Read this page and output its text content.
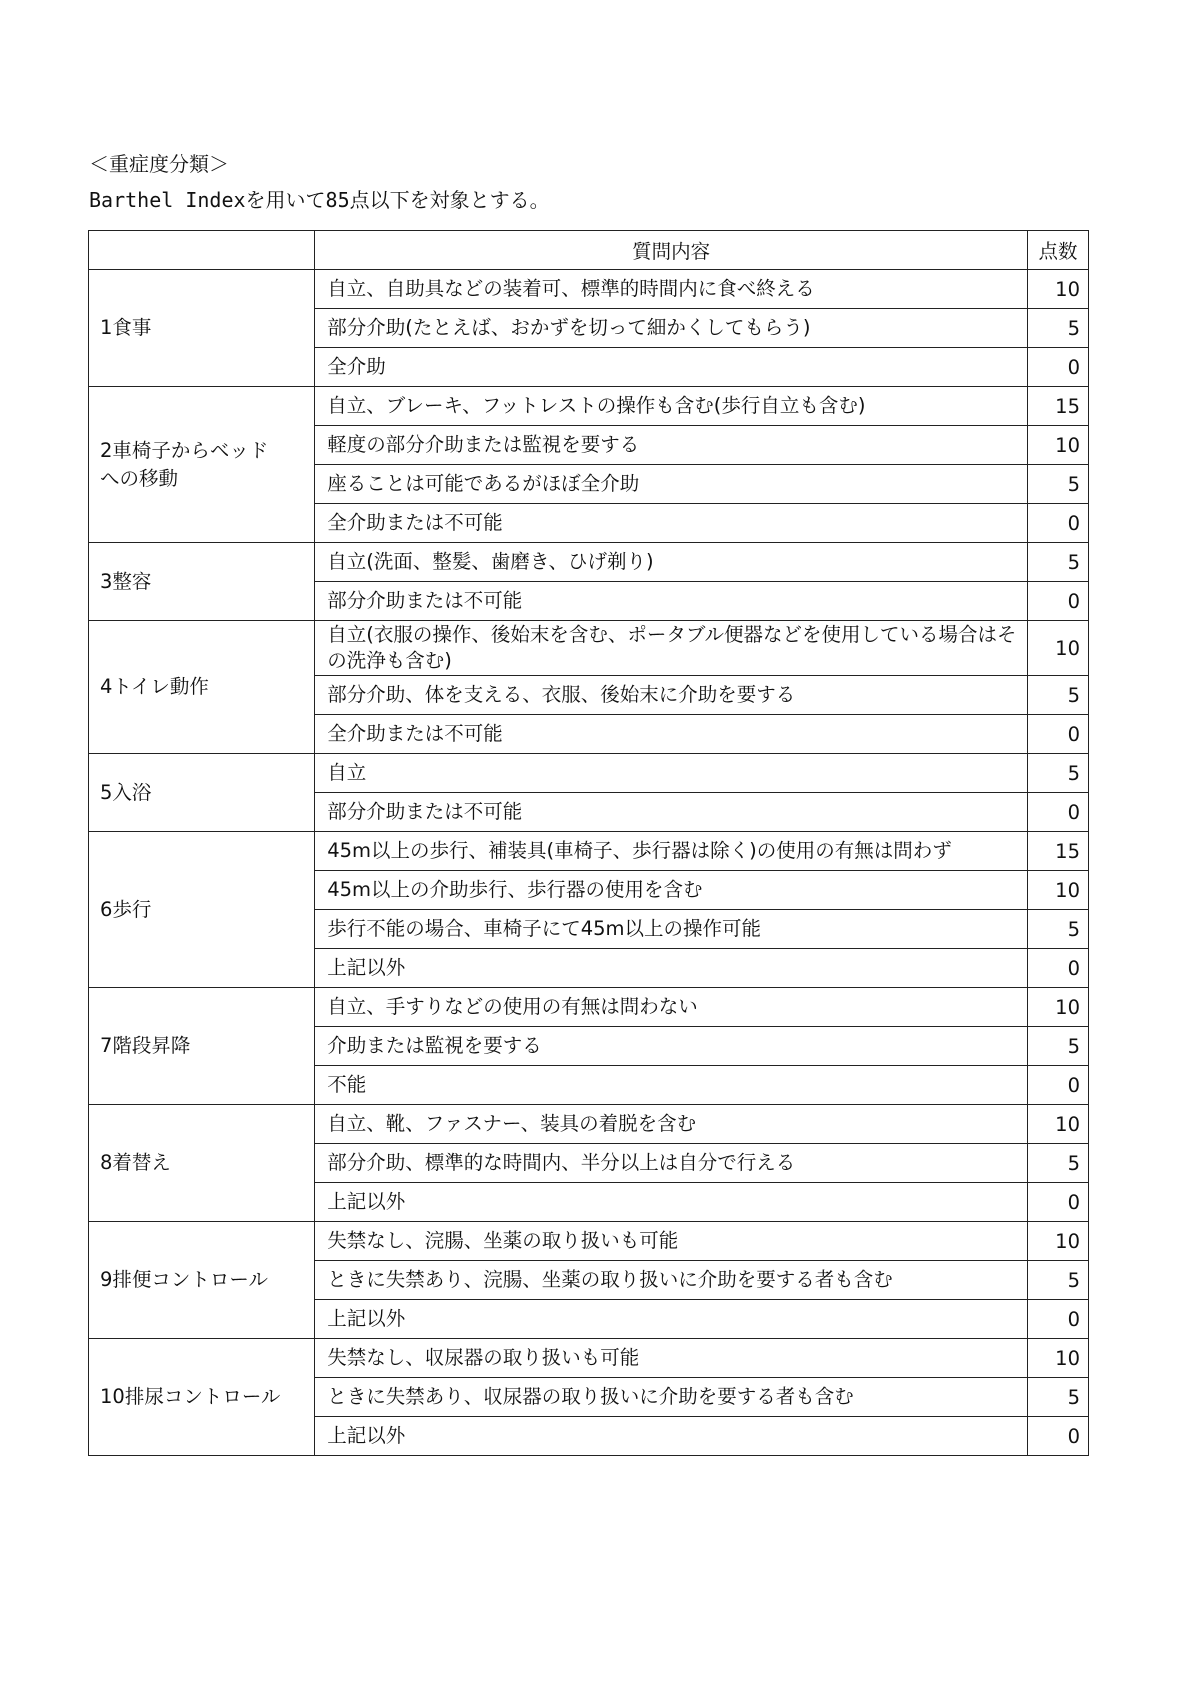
＜重症度分類＞
Barthel Indexを用いて85点以下を対象とする。
	質問内容	点数
1食事	自立、自助具などの装着可、標準的時間内に食べ終える	10
	部分介助(たとえば、おかずを切って細かくしてもらう)	5
	全介助	0
2車椅子からベッド
への移動	自立、ブレーキ、フットレストの操作も含む(歩行自立も含む)	15
	軽度の部分介助または監視を要する	10
	座ることは可能であるがほぼ全介助	5
	全介助または不可能	0
3整容	自立(洗面、整髪、歯磨き、ひげ剃り)	5
	部分介助または不可能	0
4トイレ動作	自立(衣服の操作、後始末を含む、ポータブル便器などを使用している場合はその洗浄も含む)	10
	部分介助、体を支える、衣服、後始末に介助を要する	5
	全介助または不可能	0
5入浴	自立	5
	部分介助または不可能	0
6歩行	45m以上の歩行、補装具(車椅子、歩行器は除く)の使用の有無は問わず	15
	45m以上の介助歩行、歩行器の使用を含む	10
	歩行不能の場合、車椅子にて45m以上の操作可能	5
	上記以外	0
7階段昇降	自立、手すりなどの使用の有無は問わない	10
	介助または監視を要する	5
	不能	0
8着替え	自立、靴、ファスナー、装具の着脱を含む	10
	部分介助、標準的な時間内、半分以上は自分で行える	5
	上記以外	0
9排便コントロール	失禁なし、浣腸、坐薬の取り扱いも可能	10
	ときに失禁あり、浣腸、坐薬の取り扱いに介助を要する者も含む	5
	上記以外	0
10排尿コントロール	失禁なし、収尿器の取り扱いも可能	10
	ときに失禁あり、収尿器の取り扱いに介助を要する者も含む	5
	上記以外	0
